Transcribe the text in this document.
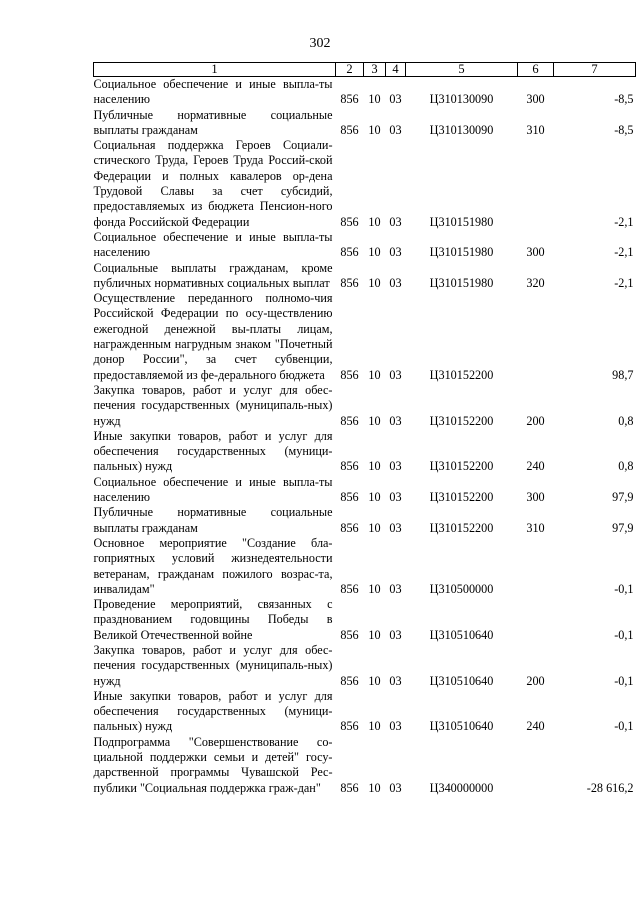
302
1	2	3	4	5	6	7
Социальное обеспечение и иные выпла-ты населению	856	10	03	Ц310130090	300	-8,5
Публичные нормативные социальные выплаты гражданам	856	10	03	Ц310130090	310	-8,5
Социальная поддержка Героев Социали-стического Труда, Героев Труда Россий-ской Федерации и полных кавалеров ор-дена Трудовой Славы за счет субсидий, предоставляемых из бюджета Пенсион-ного фонда Российской Федерации	856	10	03	Ц310151980		-2,1
Социальное обеспечение и иные выпла-ты населению	856	10	03	Ц310151980	300	-2,1
Социальные выплаты гражданам, кроме публичных нормативных социальных выплат	856	10	03	Ц310151980	320	-2,1
Осуществление переданного полномо-чия Российской Федерации по осу-ществлению ежегодной денежной вы-платы лицам, награжденным нагрудным знаком "Почетный донор России", за счет субвенции, предоставляемой из фе-дерального бюджета	856	10	03	Ц310152200		98,7
Закупка товаров, работ и услуг для обес-печения государственных (муниципаль-ных) нужд	856	10	03	Ц310152200	200	0,8
Иные закупки товаров, работ и услуг для обеспечения государственных (муници-пальных) нужд	856	10	03	Ц310152200	240	0,8
Социальное обеспечение и иные выпла-ты населению	856	10	03	Ц310152200	300	97,9
Публичные нормативные социальные выплаты гражданам	856	10	03	Ц310152200	310	97,9
Основное мероприятие "Создание бла-гоприятных условий жизнедеятельности ветеранам, гражданам пожилого возрас-та, инвалидам"	856	10	03	Ц310500000		-0,1
Проведение мероприятий, связанных с празднованием годовщины Победы в Великой Отечественной войне	856	10	03	Ц310510640		-0,1
Закупка товаров, работ и услуг для обес-печения государственных (муниципаль-ных) нужд	856	10	03	Ц310510640	200	-0,1
Иные закупки товаров, работ и услуг для обеспечения государственных (муници-пальных) нужд	856	10	03	Ц310510640	240	-0,1
Подпрограмма "Совершенствование со-циальной поддержки семьи и детей" госу-дарственной программы Чувашской Рес-публики "Социальная поддержка граж-дан"	856	10	03	Ц340000000		-28 616,2
